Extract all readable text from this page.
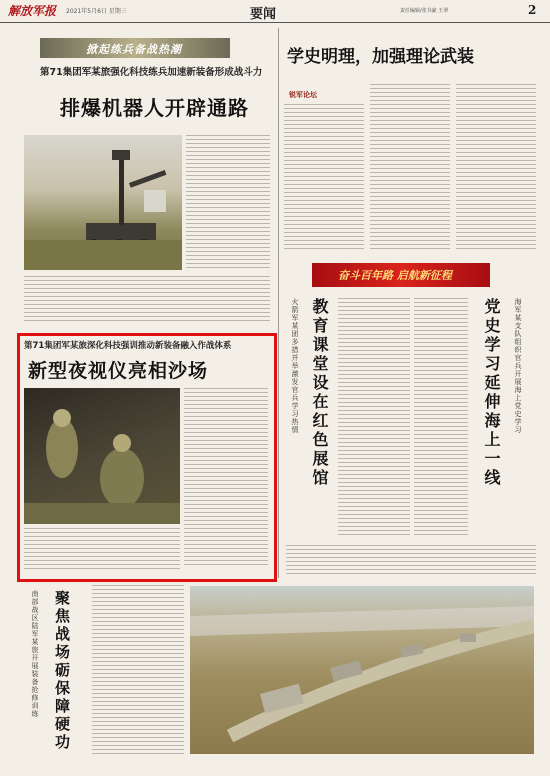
解放军报 2021年5月6日 星期三	要闻	责任编辑/张书豪 王翠	2
掀起练兵备战热潮
第71集团军某旅强化科技练兵加速新装备形成战斗力
排爆机器人开辟通路
第71集团军某旅深化科技强训推动新装备融入作战体系
新型夜视仪亮相沙场
南部战区陆军某旅开展装备抢修训练 聚焦战场砺保障硬功
学史明理，加强理论武装
锐军论坛
奋斗百年路 启航新征程
火箭军某团多措并举激发官兵学习热情 教育课堂设在红色展馆	党史学习延伸海上一线 海军某支队组织官兵开展海上党史学习
